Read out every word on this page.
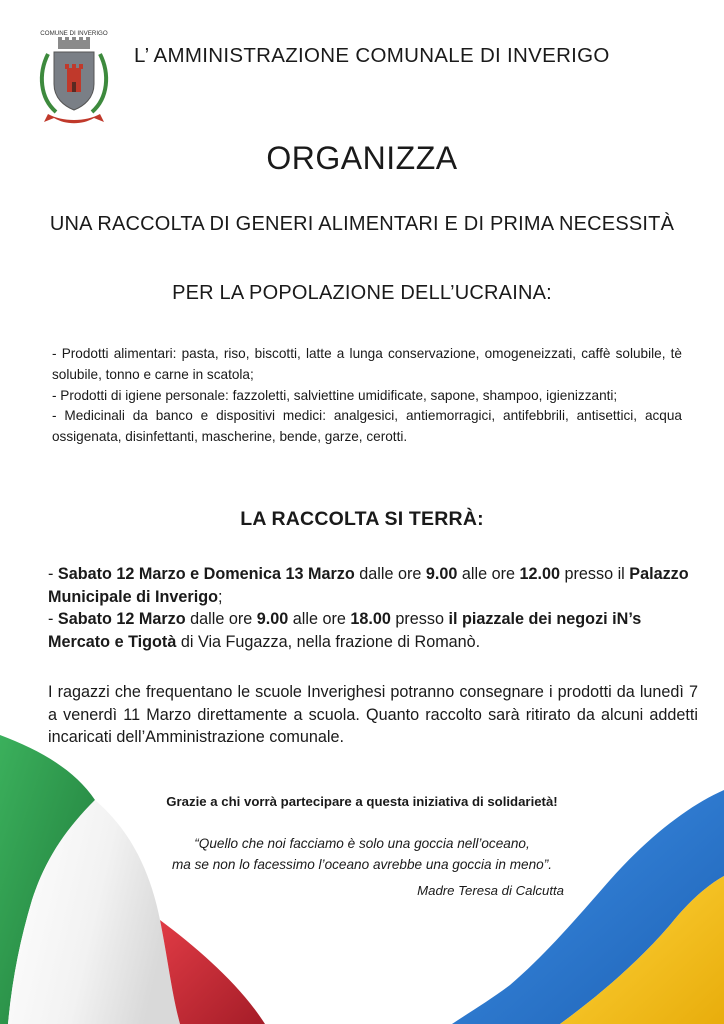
COMUNE DI INVERIGO
L’ AMMINISTRAZIONE COMUNALE DI INVERIGO
ORGANIZZA
UNA RACCOLTA DI GENERI ALIMENTARI E DI PRIMA NECESSITÀ
PER LA POPOLAZIONE DELL’UCRAINA:

- Prodotti alimentari: pasta, riso, biscotti, latte a lunga conservazione, omogeneizzati, caffè solubile, tè solubile, tonno e carne in scatola;

- Prodotti di igiene personale: fazzoletti, salviettine umidificate, sapone, shampoo, igienizzanti;

- Medicinali da banco e dispositivi medici: analgesici, antiemorragici, antifebbrili, antisettici, acqua ossigenata, disinfettanti, mascherine, bende, garze, cerotti.

LA RACCOLTA SI TERRÀ:

- Sabato 12 Marzo e Domenica 13 Marzo dalle ore 9.00 alle ore 12.00 presso il Palazzo Municipale di Inverigo;

- Sabato 12 Marzo dalle ore 9.00 alle ore 18.00 presso il piazzale dei negozi iN’s Mercato e Tigotà di Via Fugazza, nella frazione di Romanò.

I ragazzi che frequentano le scuole Inverighesi potranno consegnare i prodotti da lunedì 7 a venerdì 11 Marzo direttamente a scuola. Quanto raccolto sarà ritirato da alcuni addetti incaricati dell’Amministrazione comunale.
Grazie a chi vorrà partecipare a questa iniziativa di solidarietà!

“Quello che noi facciamo è solo una goccia nell’oceano,

ma se non lo facessimo l’oceano avrebbe una goccia in meno”.

Madre Teresa di Calcutta
